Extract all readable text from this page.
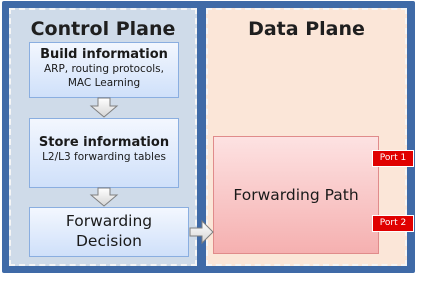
Control Plane	Data Plane
Build information
ARP, routing protocols,
MAC Learning
Store information
L2/L3 forwarding tables
Forwarding
Decision
Forwarding Path
Port 1
Port 2
